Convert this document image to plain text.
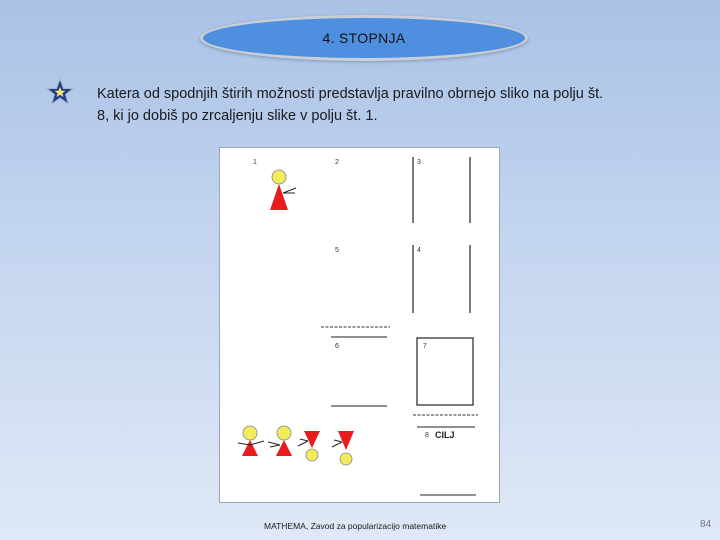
4. STOPNJA
Katera od spodnjih štirih možnosti predstavlja pravilno obrnejo sliko na polju št.
8, ki jo dobiš po zrcaljenju slike v polju št. 1.
1	2	3
5	4
6	7
8 CILJ
MATHEMA, Zavod za popularizacijo matematike	84
